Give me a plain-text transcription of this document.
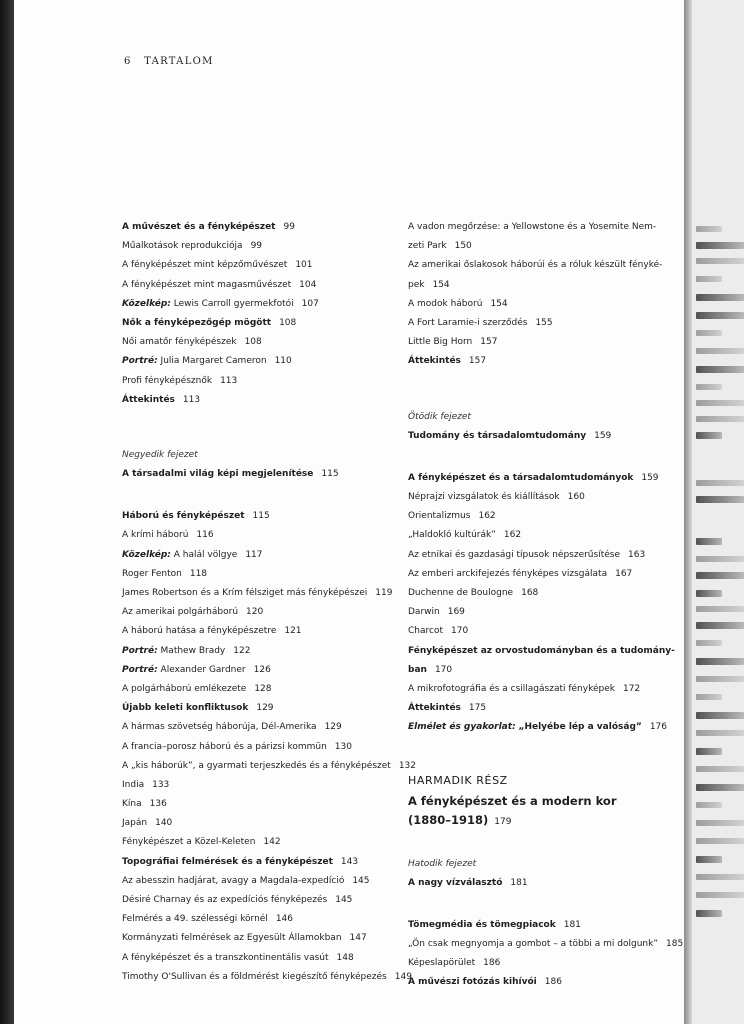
6 TARTALOM
A művészet és a fényképészet 99
Műalkotások reprodukciója 99
A fényképészet mint képzőművészet 101
A fényképészet mint magasművészet 104
Közelkép: Lewis Carroll gyermekfotói 107
Nők a fényképezőgép mögött 108
Női amatőr fényképészek 108
Portré: Julia Margaret Cameron 110
Profi fényképésznők 113
Áttekintés 113
Negyedik fejezet
A társadalmi világ képi megjelenítése 115
Háború és fényképészet 115
A krími háború 116
Közelkép: A halál völgye 117
Roger Fenton 118
James Robertson és a Krím félsziget más fényképészei 119
Az amerikai polgárháború 120
A háború hatása a fényképészetre 121
Portré: Mathew Brady 122
Portré: Alexander Gardner 126
A polgárháború emlékezete 128
Újabb keleti konfliktusok 129
A hármas szövetség háborúja, Dél-Amerika 129
A francia–porosz háború és a párizsi kommün 130
A „kis háborúk”, a gyarmati terjeszkedés és a fényképészet 132
India 133
Kína 136
Japán 140
Fényképészet a Közel-Keleten 142
Topográfiai felmérések és a fényképészet 143
Az abesszin hadjárat, avagy a Magdala-expedíció 145
Désiré Charnay és az expedíciós fényképezés 145
Felmérés a 49. szélességi körnél 146
Kormányzati felmérések az Egyesült Államokban 147
A fényképészet és a transzkontinentális vasút 148
Timothy O'Sullivan és a földmérést kiegészítő fényképezés 149
A vadon megőrzése: a Yellowstone és a Yosemite Nem-
zeti Park 150
Az amerikai őslakosok háborúi és a róluk készült fényké-
pek 154
A modok háború 154
A Fort Laramie-i szerződés 155
Little Big Horn 157
Áttekintés 157
Ötödik fejezet
Tudomány és társadalomtudomány 159
A fényképészet és a társadalomtudományok 159
Néprajzi vizsgálatok és kiállítások 160
Orientalizmus 162
„Haldokló kultúrák” 162
Az etnikai és gazdasági típusok népszerűsítése 163
Az emberi arckifejezés fényképes vizsgálata 167
Duchenne de Boulogne 168
Darwin 169
Charcot 170
Fényképészet az orvostudományban és a tudomány-
ban 170
A mikrofotográfia és a csillagászati fényképek 172
Áttekintés 175
Elmélet és gyakorlat: „Helyébe lép a valóság” 176
HARMADIK RÉSZ
A fényképészet és a modern kor
(1880–1918) 179
Hatodik fejezet
A nagy vízválasztó 181
Tömegmédia és tömegpiacok 181
„Ön csak megnyomja a gombot – a többi a mi dolgunk” 185
Képeslapörület 186
A művészi fotózás kihívói 186
